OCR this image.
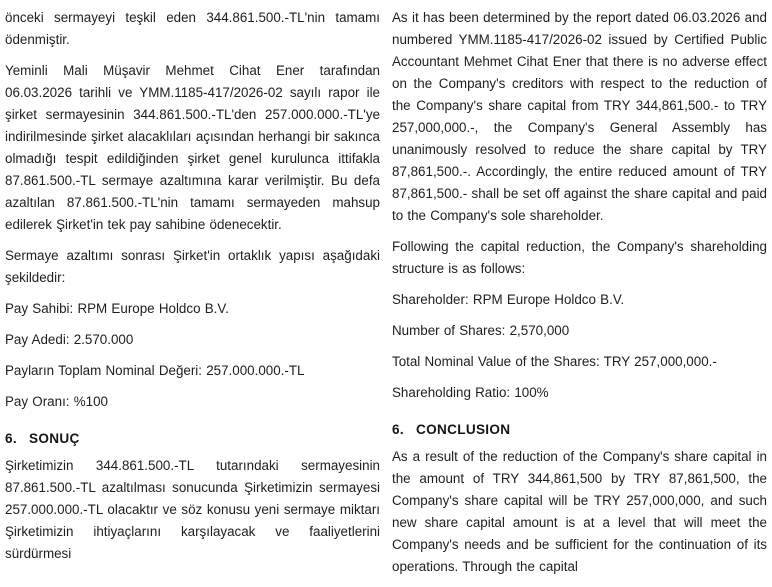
önceki sermayeyi teşkil eden 344.861.500.-TL'nin tamamı ödenmiştir.

Yeminli Mali Müşavir Mehmet Cihat Ener tarafından 06.03.2026 tarihli ve YMM.1185-417/2026-02 sayılı rapor ile şirket sermayesinin 344.861.500.-TL'den 257.000.000.-TL'ye indirilmesinde şirket alacaklıları açısından herhangi bir sakınca olmadığı tespit edildiğinden şirket genel kurulunca ittifakla 87.861.500.-TL sermaye azaltımına karar verilmiştir. Bu defa azaltılan 87.861.500.-TL'nin tamamı sermayeden mahsup edilerek Şirket'in tek pay sahibine ödenecektir.

Sermaye azaltımı sonrası Şirket'in ortaklık yapısı aşağıdaki şekildedir:

Pay Sahibi: RPM Europe Holdco B.V.

Pay Adedi: 2.570.000

Payların Toplam Nominal Değeri: 257.000.000.-TL

Pay Oranı: %100

6. SONUÇ

Şirketimizin 344.861.500.-TL tutarındaki sermayesinin 87.861.500.-TL azaltılması sonucunda Şirketimizin sermayesi 257.000.000.-TL olacaktır ve söz konusu yeni sermaye miktarı Şirketimizin ihtiyaçlarını karşılayacak ve faaliyetlerini sürdürmesi

As it has been determined by the report dated 06.03.2026 and numbered YMM.1185-417/2026-02 issued by Certified Public Accountant Mehmet Cihat Ener that there is no adverse effect on the Company's creditors with respect to the reduction of the Company's share capital from TRY 344,861,500.- to TRY 257,000,000.-, the Company's General Assembly has unanimously resolved to reduce the share capital by TRY 87,861,500.-. Accordingly, the entire reduced amount of TRY 87,861,500.- shall be set off against the share capital and paid to the Company's sole shareholder.

Following the capital reduction, the Company's shareholding structure is as follows:

Shareholder: RPM Europe Holdco B.V.

Number of Shares: 2,570,000

Total Nominal Value of the Shares: TRY 257,000,000.-

Shareholding Ratio: 100%

6. CONCLUSION

As a result of the reduction of the Company's share capital in the amount of TRY 344,861,500 by TRY 87,861,500, the Company's share capital will be TRY 257,000,000, and such new share capital amount is at a level that will meet the Company's needs and be sufficient for the continuation of its operations. Through the capital
